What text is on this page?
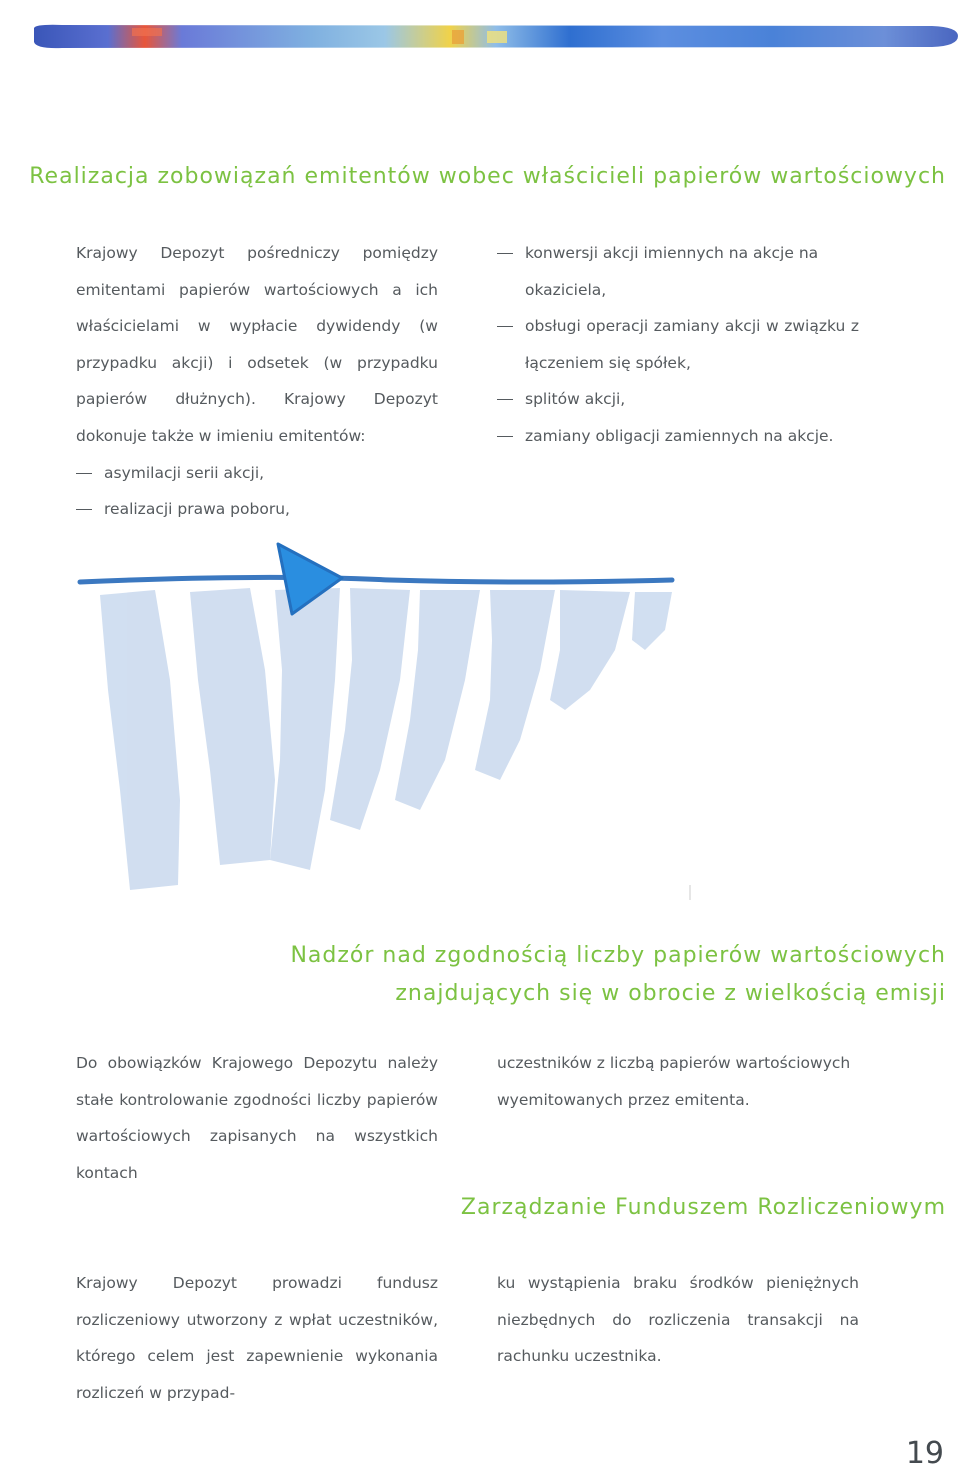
Realizacja zobowiązań emitentów wobec właścicieli papierów wartościowych

Krajowy Depozyt pośredniczy pomiędzy emitentami papierów wartościowych a ich właścicielami w wypłacie dywidendy (w przypadku akcji) i odsetek (w przypadku papierów dłużnych). Krajowy Depozyt dokonuje także w imieniu emitentów:

asymilacji serii akcji,
realizacji prawa poboru,
konwersji akcji imiennych na akcje na okaziciela,
obsługi operacji zamiany akcji w związku z łączeniem się spółek,
splitów akcji,
zamiany obligacji zamiennych na akcje.
Nadzór nad zgodnością liczby papierów wartościowych
znajdujących się w obrocie z wielkością emisji

Do obowiązków Krajowego Depozytu należy stałe kontrolowanie zgodności liczby papierów wartościowych zapisanych na wszystkich kontach

uczestników z liczbą papierów wartościowych wyemitowanych przez emitenta.

Zarządzanie Funduszem Rozliczeniowym

Krajowy Depozyt prowadzi fundusz rozliczeniowy utworzony z wpłat uczestników, którego celem jest zapewnienie wykonania rozliczeń w przypad-

ku wystąpienia braku środków pieniężnych niezbędnych do rozliczenia transakcji na rachunku uczestnika.

19
